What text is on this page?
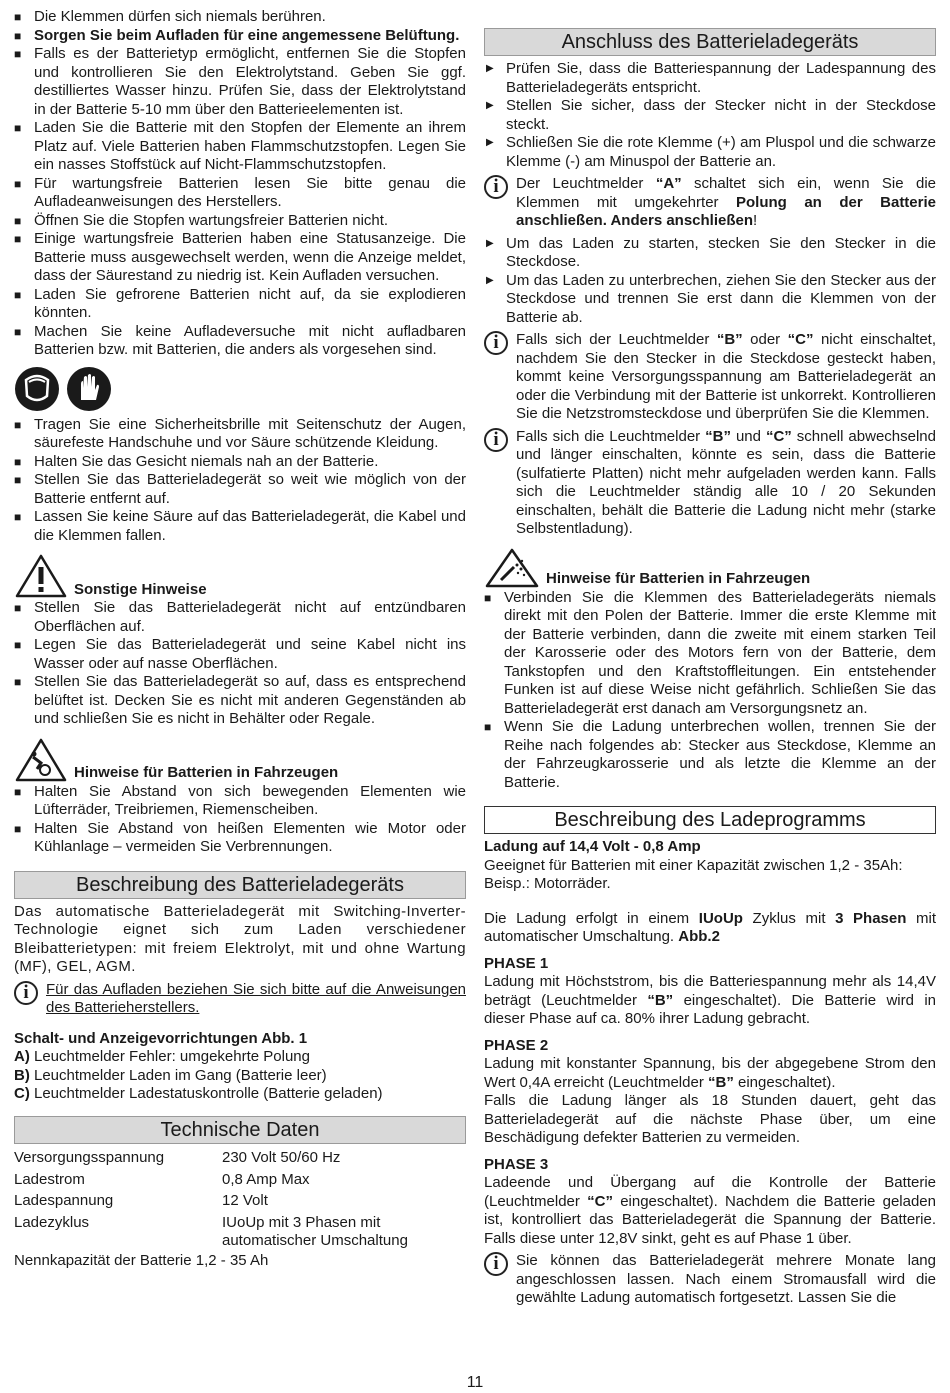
■ Die Klemmen dürfen sich niemals berühren.
■ Sorgen Sie beim Aufladen für eine angemessene Belüftung.
■ Falls es der Batterietyp ermöglicht, entfernen Sie die Stopfen und kontrollieren Sie den Elektrolytstand. Geben Sie ggf. destilliertes Wasser hinzu. Prüfen Sie, dass der Elektrolytstand in der Batterie 5-10 mm über den Batterieelementen ist.
■ Laden Sie die Batterie mit den Stopfen der Elemente an ihrem Platz auf. Viele Batterien haben Flammschutzstopfen. Legen Sie ein nasses Stoffstück auf Nicht-Flammschutzstopfen.
■ Für wartungsfreie Batterien lesen Sie bitte genau die Aufladeanweisungen des Herstellers.
■ Öffnen Sie die Stopfen wartungsfreier Batterien nicht.
■ Einige wartungsfreie Batterien haben eine Statusanzeige. Die Batterie muss ausgewechselt werden, wenn die Anzeige meldet, dass der Säurestand zu niedrig ist. Kein Aufladen versuchen.
■ Laden Sie gefrorene Batterien nicht auf, da sie explodieren könnten.
■ Machen Sie keine Aufladeversuche mit nicht aufladbaren Batterien bzw. mit Batterien, die anders als vorgesehen sind.
■ Tragen Sie eine Sicherheitsbrille mit Seitenschutz der Augen, säurefeste Handschuhe und vor Säure schützende Kleidung.
■ Halten Sie das Gesicht niemals nah an der Batterie.
■ Stellen Sie das Batterieladegerät so weit wie möglich von der Batterie entfernt auf.
■ Lassen Sie keine Säure auf das Batterieladegerät, die Kabel und die Klemmen fallen.
Sonstige Hinweise
■ Stellen Sie das Batterieladegerät nicht auf entzündbaren Oberflächen auf.
■ Legen Sie das Batterieladegerät und seine Kabel nicht ins Wasser oder auf nasse Oberflächen.
■ Stellen Sie das Batterieladegerät so auf, dass es entsprechend belüftet ist. Decken Sie es nicht mit anderen Gegenständen ab und schließen Sie es nicht in Behälter oder Regale.
Hinweise für Batterien in Fahrzeugen
■ Halten Sie Abstand von sich bewegenden Elementen wie Lüfterräder, Treibriemen, Riemenscheiben.
■ Halten Sie Abstand von heißen Elementen wie Motor oder Kühlanlage – vermeiden Sie Verbrennungen.
Beschreibung des Batterieladegeräts
Das automatische Batterieladegerät mit Switching-Inverter-Technologie eignet sich zum Laden verschiedener Bleibatterietypen: mit freiem Elektrolyt, mit und ohne Wartung (MF), GEL, AGM.
i	Für das Aufladen beziehen Sie sich bitte auf die Anweisungen des Batterieherstellers.
Schalt- und Anzeigevorrichtungen Abb. 1
A) Leuchtmelder Fehler: umgekehrte Polung
B) Leuchtmelder Laden im Gang (Batterie leer)
C) Leuchtmelder Ladestatuskontrolle (Batterie geladen)
Technische Daten
Versorgungsspannung	230 Volt 50/60 Hz
Ladestrom	0,8 Amp Max
Ladespannung	12 Volt
Ladezyklus	IUoUp mit 3 Phasen mit automatischer Umschaltung
Nennkapazität der Batterie 1,2 - 35 Ah
Anschluss des Batterieladegeräts
▶ Prüfen Sie, dass die Batteriespannung der Ladespannung des Batterieladegeräts entspricht.
▶ Stellen Sie sicher, dass der Stecker nicht in der Steckdose steckt.
▶ Schließen Sie die rote Klemme (+) am Pluspol und die schwarze Klemme (-) am Minuspol der Batterie an.
i	Der Leuchtmelder “A” schaltet sich ein, wenn Sie die Klemmen mit umgekehrter Polung an der Batterie anschließen. Anders anschließen!
▶ Um das Laden zu starten, stecken Sie den Stecker in die Steckdose.
▶ Um das Laden zu unterbrechen, ziehen Sie den Stecker aus der Steckdose und trennen Sie erst dann die Klemmen von der Batterie ab.
i	Falls sich der Leuchtmelder “B” oder “C” nicht einschaltet, nachdem Sie den Stecker in die Steckdose gesteckt haben, kommt keine Versorgungsspannung am Batterieladegerät an oder die Verbindung mit der Batterie ist unkorrekt. Kontrollieren Sie die Netzstromsteckdose und überprüfen Sie die Klemmen.
i	Falls sich die Leuchtmelder “B” und “C” schnell abwechselnd und länger einschalten, könnte es sein, dass die Batterie (sulfatierte Platten) nicht mehr aufgeladen werden kann. Falls sich die Leuchtmelder ständig alle 10 / 20 Sekunden einschalten, behält die Batterie die Ladung nicht mehr (starke Selbstentladung).
Hinweise für Batterien in Fahrzeugen
■ Verbinden Sie die Klemmen des Batterieladegeräts niemals direkt mit den Polen der Batterie. Immer die erste Klemme mit der Batterie verbinden, dann die zweite mit einem starken Teil der Karosserie oder des Motors fern von der Batterie, dem Tankstopfen und den Kraftstoffleitungen. Ein entstehender Funken ist auf diese Weise nicht gefährlich. Schließen Sie das Batterieladegerät erst danach am Versorgungsnetz an.
■ Wenn Sie die Ladung unterbrechen wollen, trennen Sie der Reihe nach folgendes ab: Stecker aus Steckdose, Klemme an der Fahrzeugkarosserie und als letzte die Klemme an der Batterie.
Beschreibung des Ladeprogramms
Ladung auf 14,4 Volt - 0,8 Amp
Geeignet für Batterien mit einer Kapazität zwischen 1,2 - 35Ah: Beisp.: Motorräder.
Die Ladung erfolgt in einem IUoUp Zyklus mit 3 Phasen mit automatischer Umschaltung. Abb.2
PHASE 1
Ladung mit Höchststrom, bis die Batteriespannung mehr als 14,4V beträgt (Leuchtmelder “B” eingeschaltet). Die Batterie wird in dieser Phase auf ca. 80% ihrer Ladung gebracht.
PHASE 2
Ladung mit konstanter Spannung, bis der abgegebene Strom den Wert 0,4A erreicht (Leuchtmelder “B” eingeschaltet).
Falls die Ladung länger als 18 Stunden dauert, geht das Batterieladegerät auf die nächste Phase über, um eine Beschädigung defekter Batterien zu vermeiden.
PHASE 3
Ladeende und Übergang auf die Kontrolle der Batterie (Leuchtmelder “C” eingeschaltet). Nachdem die Batterie geladen ist, kontrolliert das Batterieladegerät die Spannung der Batterie. Falls diese unter 12,8V sinkt, geht es auf Phase 1 über.
i	Sie können das Batterieladegerät mehrere Monate lang angeschlossen lassen. Nach einem Stromausfall wird die gewählte Ladung automatisch fortgesetzt. Lassen Sie die
11
